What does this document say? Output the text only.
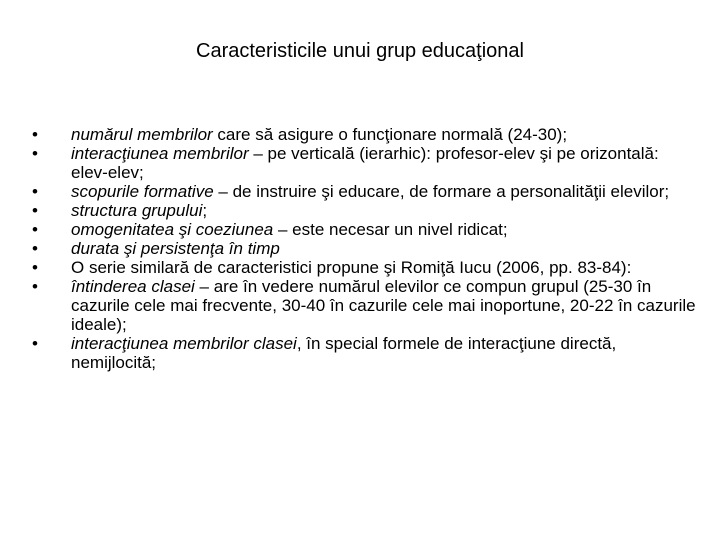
Caracteristicile unui grup educaţional
• numărul membrilor care să asigure o funcţionare normală (24-30);
• interacţiunea membrilor – pe verticală (ierarhic): profesor-elev şi pe orizontală: elev-elev;
• scopurile formative – de instruire şi educare, de formare a personalităţii elevilor;
• structura grupului;
• omogenitatea şi coeziunea – este necesar un nivel ridicat;
• durata şi persistenţa în timp
• O serie similară de caracteristici propune şi Romiţă Iucu (2006, pp. 83-84):
• întinderea clasei – are în vedere numărul elevilor ce compun grupul (25-30 în cazurile cele mai frecvente, 30-40 în cazurile cele mai inoportune, 20-22 în cazurile ideale);
• interacţiunea membrilor clasei, în special formele de interacţiune directă, nemijlocită;
